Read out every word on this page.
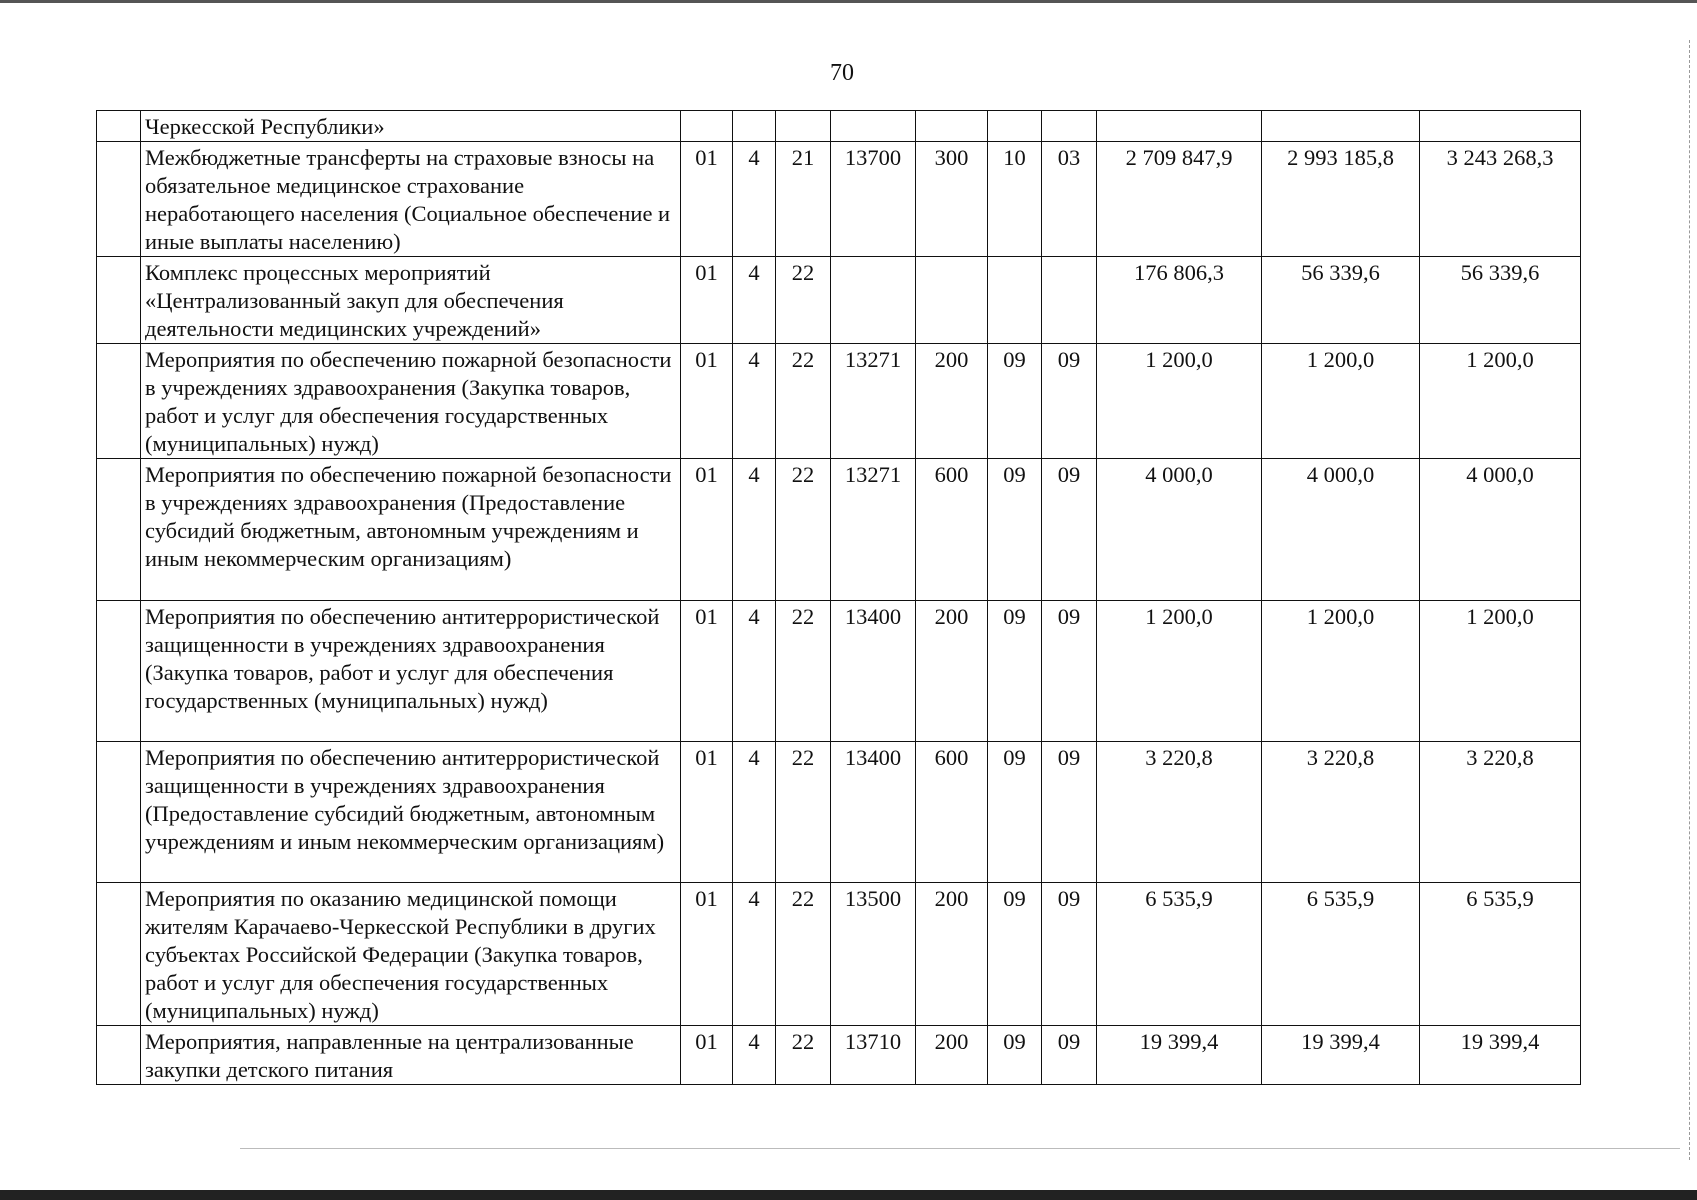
70
	Черкесской Республики»										
	Межбюджетные трансферты на страховые взносы на обязательное медицинское страхование неработающего населения (Социальное обеспечение и иные выплаты населению)	01	4	21	13700	300	10	03	2 709 847,9	2 993 185,8	3 243 268,3
	Комплекс процессных мероприятий «Централизованный закуп для обеспечения деятельности медицинских учреждений»	01	4	22					176 806,3	56 339,6	56 339,6
	Мероприятия по обеспечению пожарной безопасности в учреждениях здравоохранения (Закупка товаров, работ и услуг для обеспечения государственных (муниципальных) нужд)	01	4	22	13271	200	09	09	1 200,0	1 200,0	1 200,0
	Мероприятия по обеспечению пожарной безопасности в учреждениях здравоохранения (Предоставление субсидий бюджетным, автономным учреждениям и иным некоммерческим организациям)	01	4	22	13271	600	09	09	4 000,0	4 000,0	4 000,0
	Мероприятия по обеспечению антитеррористической защищенности в учреждениях здравоохранения (Закупка товаров, работ и услуг для обеспечения государственных (муниципальных) нужд)	01	4	22	13400	200	09	09	1 200,0	1 200,0	1 200,0
	Мероприятия по обеспечению антитеррористической защищенности в учреждениях здравоохранения (Предоставление субсидий бюджетным, автономным учреждениям и иным некоммерческим организациям)	01	4	22	13400	600	09	09	3 220,8	3 220,8	3 220,8
	Мероприятия по оказанию медицинской помощи жителям Карачаево-Черкесской Республики в других субъектах Российской Федерации (Закупка товаров, работ и услуг для обеспечения государственных (муниципальных) нужд)	01	4	22	13500	200	09	09	6 535,9	6 535,9	6 535,9
	Мероприятия, направленные на централизованные закупки детского питания	01	4	22	13710	200	09	09	19 399,4	19 399,4	19 399,4
